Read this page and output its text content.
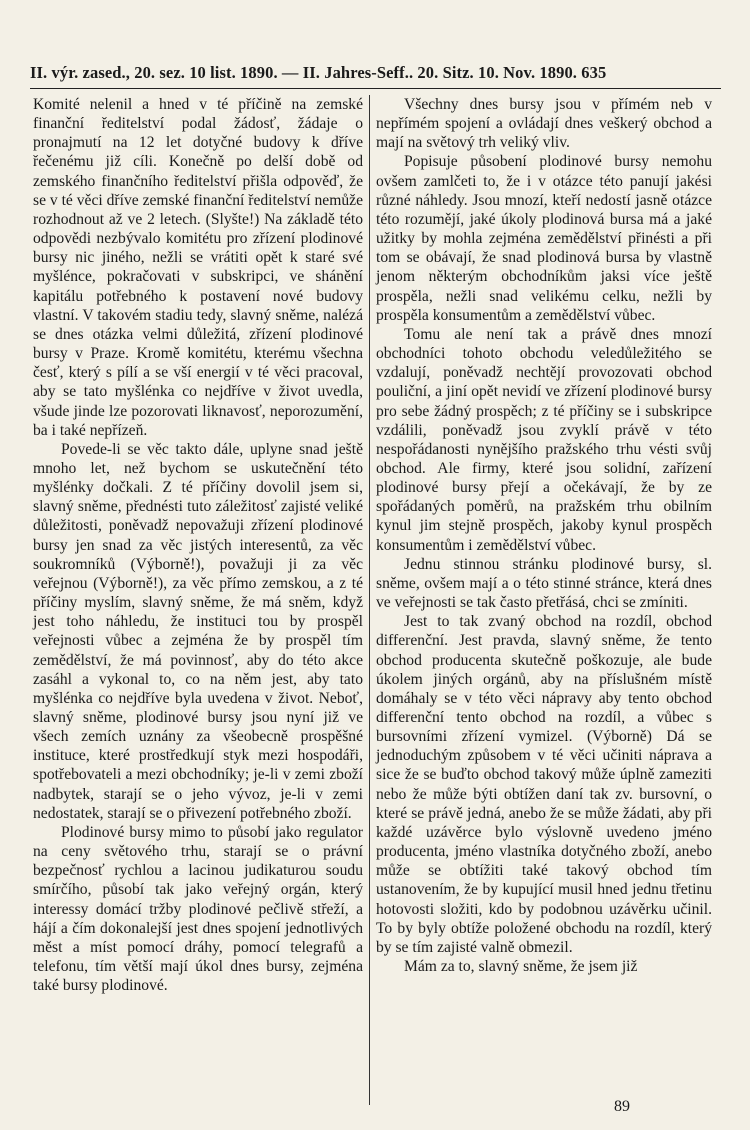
II. výr. zased., 20. sez. 10 list. 1890. — II. Jahres-Seff.. 20. Sitz. 10. Nov. 1890. 635

Komité nelenil a hned v té příčině na zemské finanční ředitelství podal žádosť, žádaje o pronajmutí na 12 let dotyčné budovy k dříve řečenému již cíli. Konečně po delší době od zemského finančního ředitelství přišla odpověď, že se v té věci dříve zemské finanční ředitelství nemůže rozhodnout až ve 2 letech. (Slyšte!) Na základě této odpovědi nezbývalo komitétu pro zřízení plodinové bursy nic jiného, nežli se vrátiti opět k staré své myšlénce, pokračovati v subskripci, ve shánění kapitálu potřebného k postavení nové budovy vlastní. V takovém stadiu tedy, slavný sněme, nalézá se dnes otázka velmi důležitá, zřízení plodinové bursy v Praze. Kromě komitétu, kterému všechna česť, který s pílí a se vší energií v té věci pracoval, aby se tato myšlénka co nejdříve v život uvedla, všude jinde lze pozorovati liknavosť, neporozumění, ba i také nepřízeň.

Povede-li se věc takto dále, uplyne snad ještě mnoho let, než bychom se uskutečnění této myšlénky dočkali. Z té příčiny dovolil jsem si, slavný sněme, přednésti tuto záležitosť zajisté veliké důležitosti, poněvadž nepovažuji zřízení plodinové bursy jen snad za věc jistých interesentů, za věc soukromníků (Výborně!), považuji ji za věc veřejnou (Výborně!), za věc přímo zemskou, a z té příčiny myslím, slavný sněme, že má sněm, když jest toho náhledu, že instituci tou by prospěl veřejnosti vůbec a zejména že by prospěl tím zemědělství, že má povinnosť, aby do této akce zasáhl a vykonal to, co na něm jest, aby tato myšlénka co nejdříve byla uvedena v život. Neboť, slavný sněme, plodinové bursy jsou nyní již ve všech zemích uznány za všeobecně prospěšné instituce, které prostředkují styk mezi hospodáři, spotřebovateli a mezi obchodníky; je-li v zemi zboží nadbytek, starají se o jeho vývoz, je-li v zemi nedostatek, starají se o přivezení potřebného zboží.

Plodinové bursy mimo to působí jako regulator na ceny světového trhu, starají se o právní bezpečnosť rychlou a lacinou judikaturou soudu smírčího, působí tak jako veřejný orgán, který interessy domácí tržby plodinové pečlivě střeží, a hájí a čím dokonalejší jest dnes spojení jednotlivých měst a míst pomocí dráhy, pomocí telegrafů a telefonu, tím větší mají úkol dnes bursy, zejména také bursy plodinové.

Všechny dnes bursy jsou v přímém neb v nepřímém spojení a ovládají dnes veškerý obchod a mají na světový trh veliký vliv.

Popisuje působení plodinové bursy nemohu ovšem zamlčeti to, že i v otázce této panují jakési různé náhledy. Jsou mnozí, kteří nedostí jasně otázce této rozumějí, jaké úkoly plodinová bursa má a jaké užitky by mohla zejména zemědělství přinésti a při tom se obávají, že snad plodinová bursa by vlastně jenom některým obchodníkům jaksi více ještě prospěla, nežli snad velikému celku, nežli by prospěla konsumentům a zemědělství vůbec.

Tomu ale není tak a právě dnes mnozí obchodníci tohoto obchodu veledůležitého se vzdalují, poněvadž nechtějí provozovati obchod pouliční, a jiní opět nevidí ve zřízení plodinové bursy pro sebe žádný prospěch; z té příčiny se i subskripce vzdálili, poněvadž jsou zvyklí právě v této nespořádanosti nynějšího pražského trhu vésti svůj obchod. Ale firmy, které jsou solidní, zařízení plodinové bursy přejí a očekávají, že by ze spořádaných poměrů, na pražském trhu obilním kynul jim stejně prospěch, jakoby kynul prospěch konsumentům i zemědělství vůbec.

Jednu stinnou stránku plodinové bursy, sl. sněme, ovšem mají a o této stinné stránce, která dnes ve veřejnosti se tak často přetřásá, chci se zmíniti.

Jest to tak zvaný obchod na rozdíl, obchod differenční. Jest pravda, slavný sněme, že tento obchod producenta skutečně poškozuje, ale bude úkolem jiných orgánů, aby na příslušném místě domáhaly se v této věci nápravy aby tento obchod differenční tento obchod na rozdíl, a vůbec s bursovními zřízení vymizel. (Výborně) Dá se jednoduchým způsobem v té věci učiniti náprava a sice že se buďto obchod takový může úplně zameziti nebo že může býti obtížen daní tak zv. bursovní, o které se právě jedná, anebo že se může žádati, aby při každé uzávěrce bylo výslovně uvedeno jméno producenta, jméno vlastníka dotyčného zboží, anebo může se obtížiti také takový obchod tím ustanovením, že by kupující musil hned jednu třetinu hotovosti složiti, kdo by podobnou uzávěrku učinil. To by byly obtíže položené obchodu na rozdíl, který by se tím zajisté valně obmezil.

Mám za to, slavný sněme, že jsem již

89
